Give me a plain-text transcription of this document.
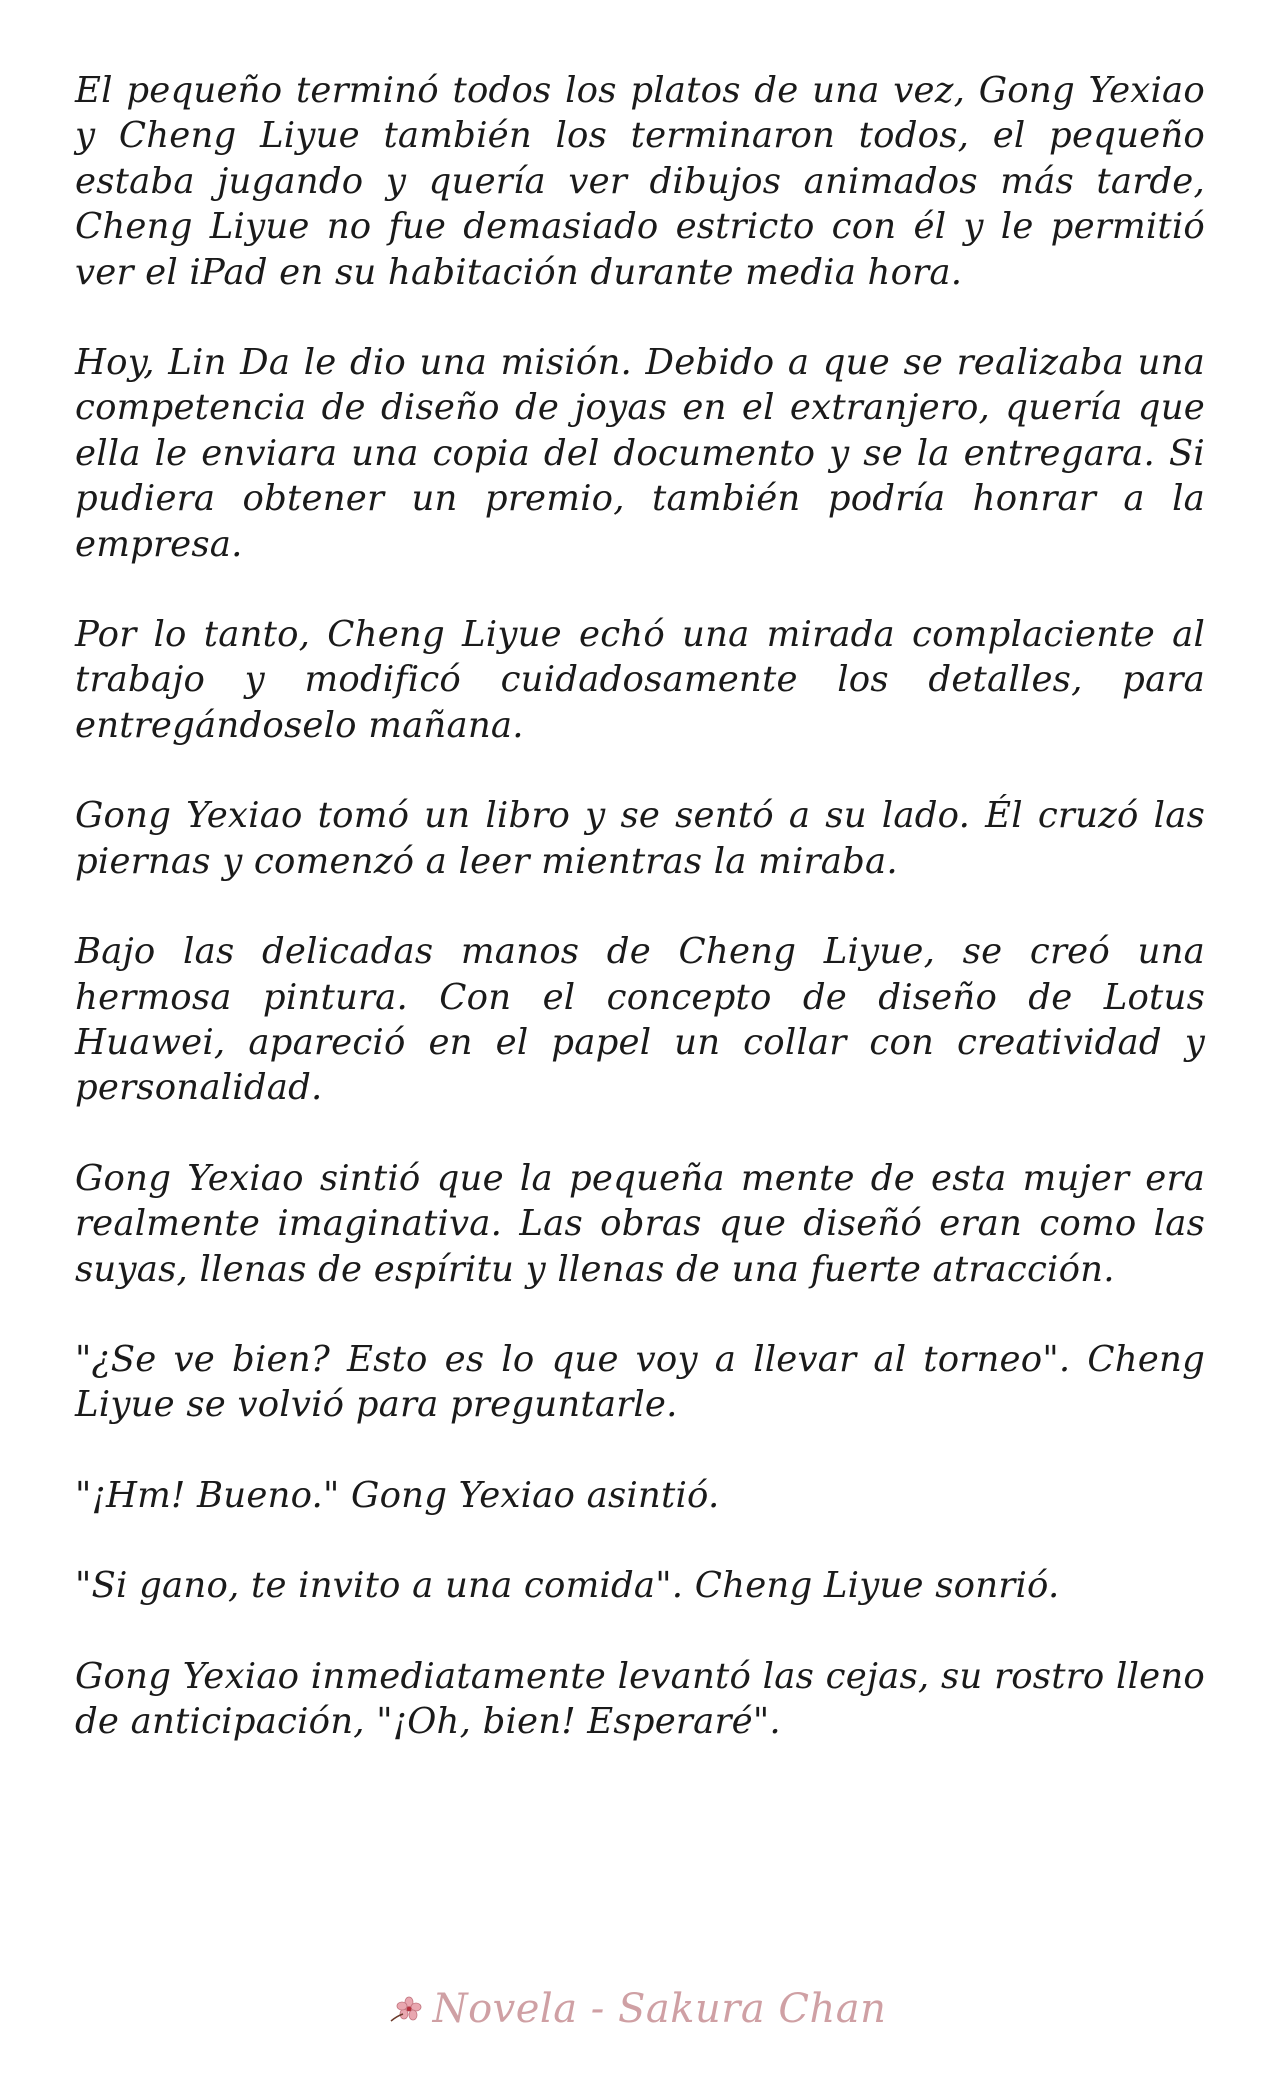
El pequeño terminó todos los platos de una vez, Gong Yexiao y Cheng Liyue también los terminaron todos, el pequeño estaba jugando y quería ver dibujos animados más tarde, Cheng Liyue no fue demasiado estricto con él y le permitió ver el iPad en su habitación durante media hora.

Hoy, Lin Da le dio una misión. Debido a que se realizaba una competencia de diseño de joyas en el extranjero, quería que ella le enviara una copia del documento y se la entregara. Si pudiera obtener un premio, también podría honrar a la empresa.

Por lo tanto, Cheng Liyue echó una mirada complaciente al trabajo y modificó cuidadosamente los detalles, para entregándoselo mañana.

Gong Yexiao tomó un libro y se sentó a su lado. Él cruzó las piernas y comenzó a leer mientras la miraba.

Bajo las delicadas manos de Cheng Liyue, se creó una hermosa pintura. Con el concepto de diseño de Lotus Huawei, apareció en el papel un collar con creatividad y personalidad.

Gong Yexiao sintió que la pequeña mente de esta mujer era realmente imaginativa. Las obras que diseñó eran como las suyas, llenas de espíritu y llenas de una fuerte atracción.

"¿Se ve bien? Esto es lo que voy a llevar al torneo". Cheng Liyue se volvió para preguntarle.

"¡Hm! Bueno." Gong Yexiao asintió.

"Si gano, te invito a una comida". Cheng Liyue sonrió.

Gong Yexiao inmediatamente levantó las cejas, su rostro lleno de anticipación, "¡Oh, bien! Esperaré".

Novela - Sakura Chan
